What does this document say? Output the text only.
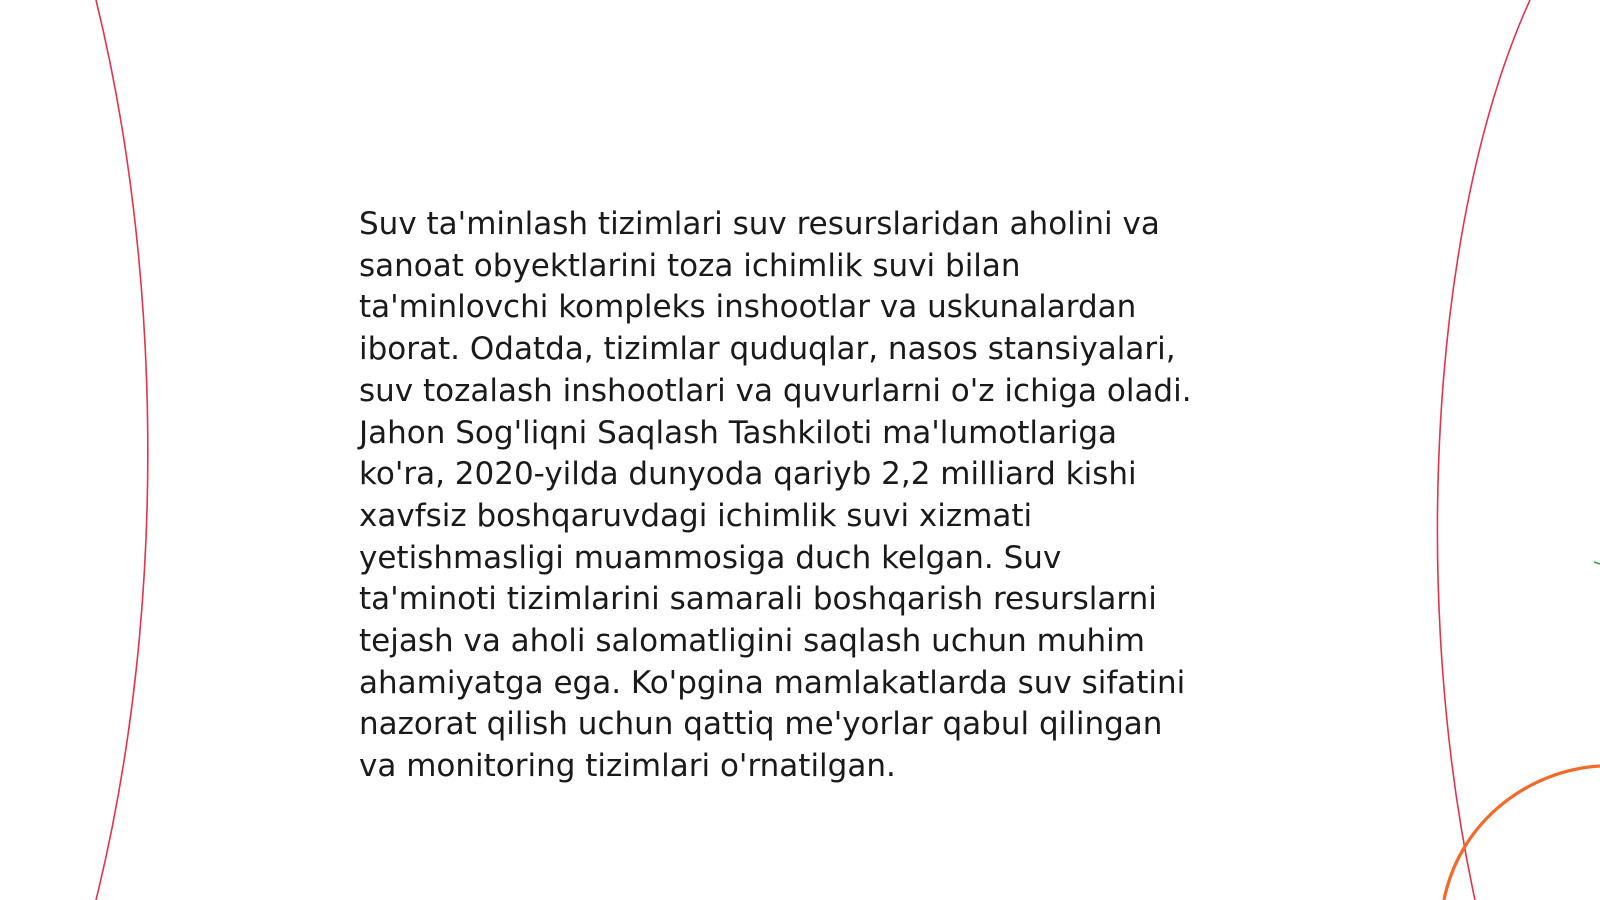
Suv ta'minlash tizimlari suv resurslaridan aholini va
sanoat obyektlarini toza ichimlik suvi bilan
ta'minlovchi kompleks inshootlar va uskunalardan
iborat. Odatda, tizimlar quduqlar, nasos stansiyalari,
suv tozalash inshootlari va quvurlarni o'z ichiga oladi.
Jahon Sog'liqni Saqlash Tashkiloti ma'lumotlariga
ko'ra, 2020-yilda dunyoda qariyb 2,2 milliard kishi
xavfsiz boshqaruvdagi ichimlik suvi xizmati
yetishmasligi muammosiga duch kelgan. Suv
ta'minoti tizimlarini samarali boshqarish resurslarni
tejash va aholi salomatligini saqlash uchun muhim
ahamiyatga ega. Ko'pgina mamlakatlarda suv sifatini
nazorat qilish uchun qattiq me'yorlar qabul qilingan
va monitoring tizimlari o'rnatilgan.
